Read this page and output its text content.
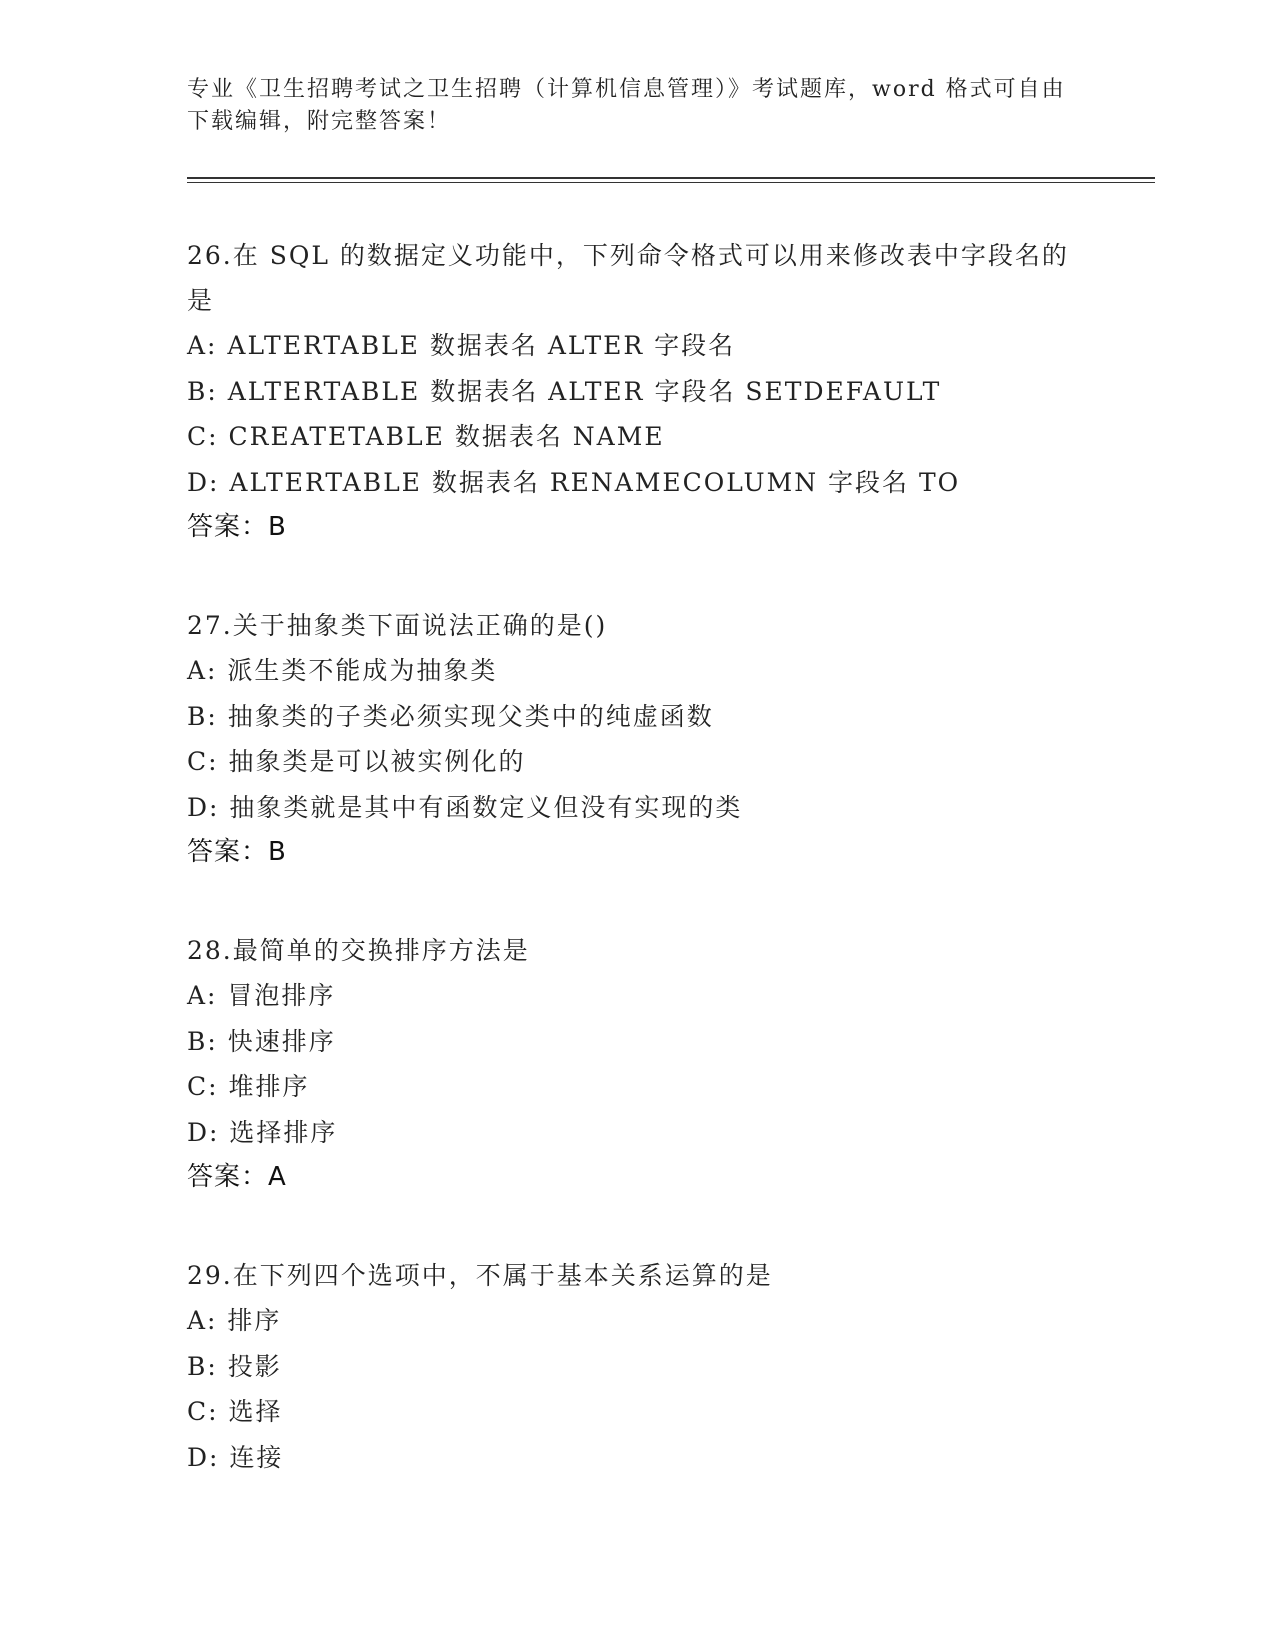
专业《卫生招聘考试之卫生招聘（计算机信息管理）》考试题库，word 格式可自由下载编辑，附完整答案！
26.在 SQL 的数据定义功能中，下列命令格式可以用来修改表中字段名的是
A: ALTERTABLE 数据表名 ALTER 字段名
B: ALTERTABLE 数据表名 ALTER 字段名 SETDEFAULT
C: CREATETABLE 数据表名 NAME
D: ALTERTABLE 数据表名 RENAMECOLUMN 字段名 TO
答案：B
27.关于抽象类下面说法正确的是()
A: 派生类不能成为抽象类
B: 抽象类的子类必须实现父类中的纯虚函数
C: 抽象类是可以被实例化的
D: 抽象类就是其中有函数定义但没有实现的类
答案：B
28.最简单的交换排序方法是
A: 冒泡排序
B: 快速排序
C: 堆排序
D: 选择排序
答案：A
29.在下列四个选项中，不属于基本关系运算的是
A: 排序
B: 投影
C: 选择
D: 连接
